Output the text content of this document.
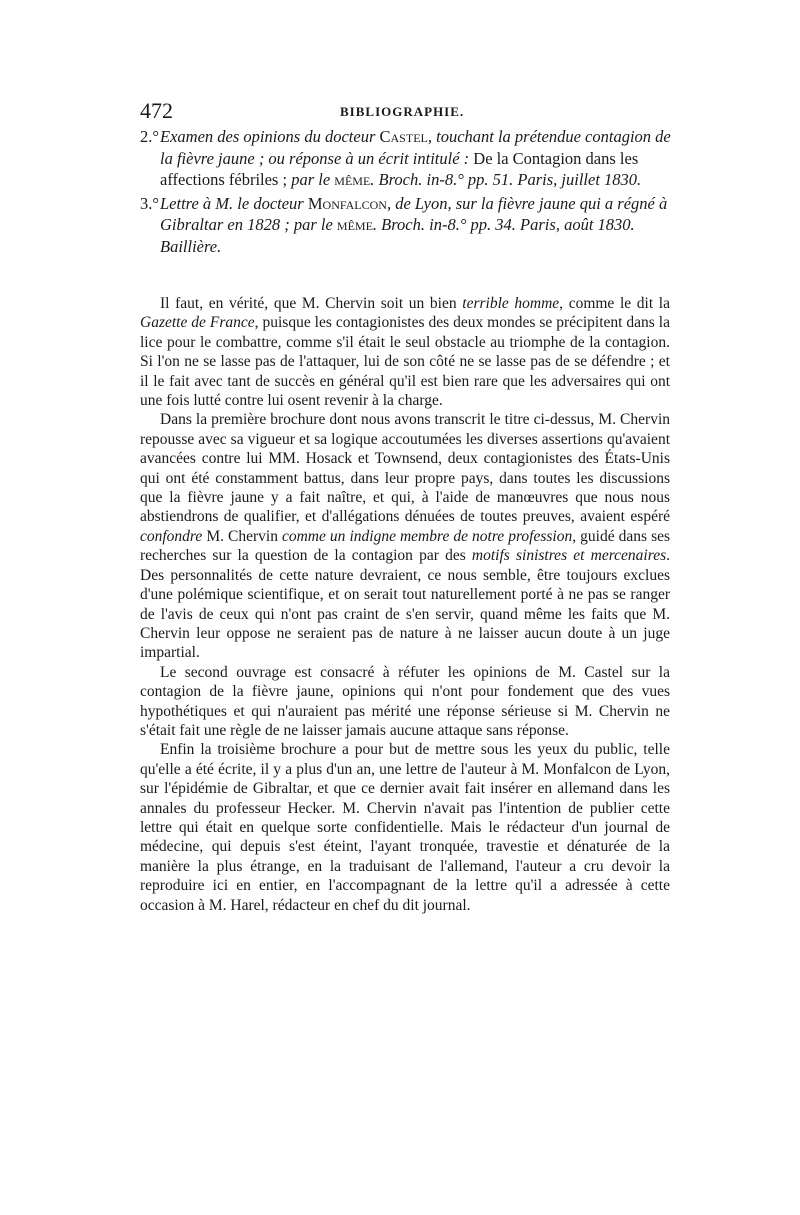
472	BIBLIOGRAPHIE.

2.° Examen des opinions du docteur Castel, touchant la prétendue contagion de la fièvre jaune ; ou réponse à un écrit intitulé : De la Contagion dans les affections fébriles ; par le même. Broch. in-8.° pp. 51. Paris, juillet 1830.

3.° Lettre à M. le docteur Monfalcon, de Lyon, sur la fièvre jaune qui a régné à Gibraltar en 1828 ; par le même. Broch. in-8.° pp. 34. Paris, août 1830. Baillière.

Il faut, en vérité, que M. Chervin soit un bien terrible homme, comme le dit la Gazette de France, puisque les contagionistes des deux mondes se précipitent dans la lice pour le combattre, comme s'il était le seul obstacle au triomphe de la contagion. Si l'on ne se lasse pas de l'attaquer, lui de son côté ne se lasse pas de se défendre ; et il le fait avec tant de succès en général qu'il est bien rare que les adversaires qui ont une fois lutté contre lui osent revenir à la charge.

Dans la première brochure dont nous avons transcrit le titre ci-dessus, M. Chervin repousse avec sa vigueur et sa logique accoutumées les diverses assertions qu'avaient avancées contre lui MM. Hosack et Townsend, deux contagionistes des États-Unis qui ont été constamment battus, dans leur propre pays, dans toutes les discussions que la fièvre jaune y a fait naître, et qui, à l'aide de manœuvres que nous nous abstiendrons de qualifier, et d'allégations dénuées de toutes preuves, avaient espéré confondre M. Chervin comme un indigne membre de notre profession, guidé dans ses recherches sur la question de la contagion par des motifs sinistres et mercenaires. Des personnalités de cette nature devraient, ce nous semble, être toujours exclues d'une polémique scientifique, et on serait tout naturellement porté à ne pas se ranger de l'avis de ceux qui n'ont pas craint de s'en servir, quand même les faits que M. Chervin leur oppose ne seraient pas de nature à ne laisser aucun doute à un juge impartial.

Le second ouvrage est consacré à réfuter les opinions de M. Castel sur la contagion de la fièvre jaune, opinions qui n'ont pour fondement que des vues hypothétiques et qui n'auraient pas mérité une réponse sérieuse si M. Chervin ne s'était fait une règle de ne laisser jamais aucune attaque sans réponse.

Enfin la troisième brochure a pour but de mettre sous les yeux du public, telle qu'elle a été écrite, il y a plus d'un an, une lettre de l'auteur à M. Monfalcon de Lyon, sur l'épidémie de Gibraltar, et que ce dernier avait fait insérer en allemand dans les annales du professeur Hecker. M. Chervin n'avait pas l'intention de publier cette lettre qui était en quelque sorte confidentielle. Mais le rédacteur d'un journal de médecine, qui depuis s'est éteint, l'ayant tronquée, travestie et dénaturée de la manière la plus étrange, en la traduisant de l'allemand, l'auteur a cru devoir la reproduire ici en entier, en l'accompagnant de la lettre qu'il a adressée à cette occasion à M. Harel, rédacteur en chef du dit journal.
